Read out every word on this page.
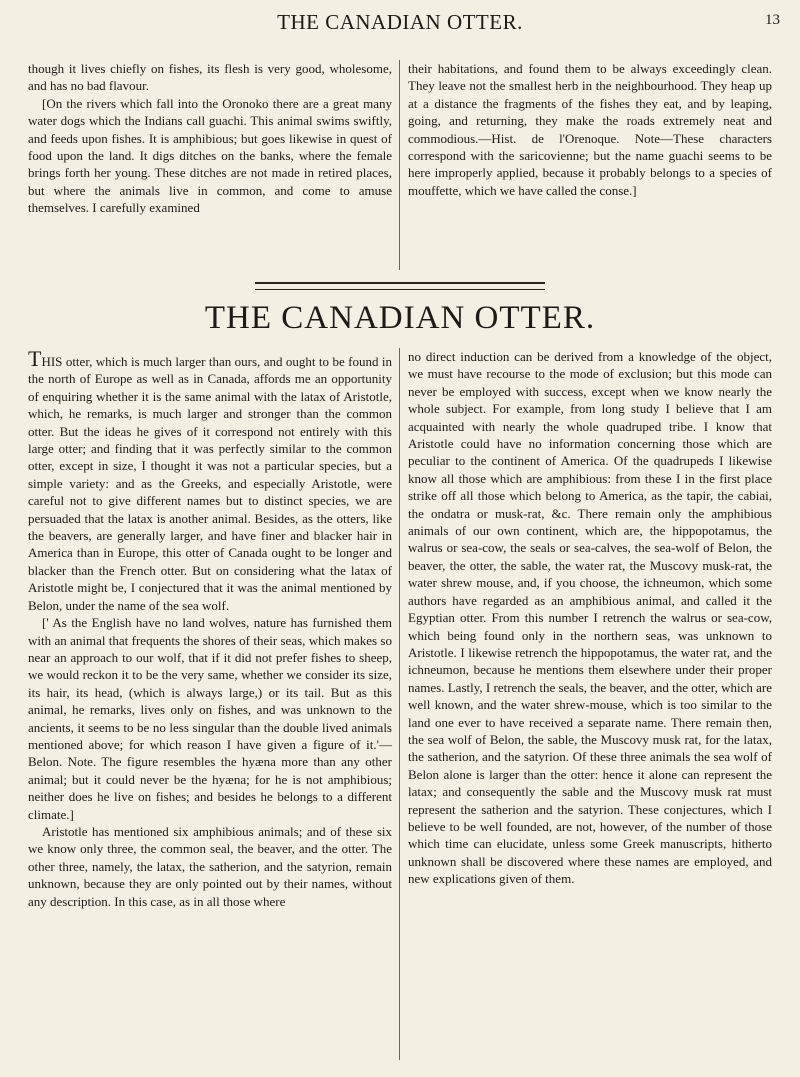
THE CANADIAN OTTER.	13

though it lives chiefly on fishes, its flesh is very good, wholesome, and has no bad flavour.

[On the rivers which fall into the Oronoko there are a great many water dogs which the Indians call guachi. This animal swims swiftly, and feeds upon fishes. It is amphibious; but goes likewise in quest of food upon the land. It digs ditches on the banks, where the female brings forth her young. These ditches are not made in retired places, but where the animals live in common, and come to amuse themselves. I carefully examined

their habitations, and found them to be always exceedingly clean. They leave not the smallest herb in the neighbourhood. They heap up at a distance the fragments of the fishes they eat, and by leaping, going, and returning, they make the roads extremely neat and commodious.—Hist. de l'Orenoque. Note—These characters correspond with the saricovienne; but the name guachi seems to be here improperly applied, because it probably belongs to a species of mouffette, which we have called the conse.]

THE CANADIAN OTTER.

THIS otter, which is much larger than ours, and ought to be found in the north of Europe as well as in Canada, affords me an opportunity of enquiring whether it is the same animal with the latax of Aristotle, which, he remarks, is much larger and stronger than the common otter. But the ideas he gives of it correspond not entirely with this large otter; and finding that it was perfectly similar to the common otter, except in size, I thought it was not a particular species, but a simple variety: and as the Greeks, and especially Aristotle, were careful not to give different names but to distinct species, we are persuaded that the latax is another animal. Besides, as the otters, like the beavers, are generally larger, and have finer and blacker hair in America than in Europe, this otter of Canada ought to be longer and blacker than the French otter. But on considering what the latax of Aristotle might be, I conjectured that it was the animal mentioned by Belon, under the name of the sea wolf.

[' As the English have no land wolves, nature has furnished them with an animal that frequents the shores of their seas, which makes so near an approach to our wolf, that if it did not prefer fishes to sheep, we would reckon it to be the very same, whether we consider its size, its hair, its head, (which is always large,) or its tail. But as this animal, he remarks, lives only on fishes, and was unknown to the ancients, it seems to be no less singular than the double lived animals mentioned above; for which reason I have given a figure of it.'—Belon. Note. The figure resembles the hyæna more than any other animal; but it could never be the hyæna; for he is not amphibious; neither does he live on fishes; and besides he belongs to a different climate.]

Aristotle has mentioned six amphibious animals; and of these six we know only three, the common seal, the beaver, and the otter. The other three, namely, the latax, the satherion, and the satyrion, remain unknown, because they are only pointed out by their names, without any description. In this case, as in all those where

no direct induction can be derived from a knowledge of the object, we must have recourse to the mode of exclusion; but this mode can never be employed with success, except when we know nearly the whole subject. For example, from long study I believe that I am acquainted with nearly the whole quadruped tribe. I know that Aristotle could have no information concerning those which are peculiar to the continent of America. Of the quadrupeds I likewise know all those which are amphibious: from these I in the first place strike off all those which belong to America, as the tapir, the cabiai, the ondatra or musk-rat, &c. There remain only the amphibious animals of our own continent, which are, the hippopotamus, the walrus or sea-cow, the seals or sea-calves, the sea-wolf of Belon, the beaver, the otter, the sable, the water rat, the Muscovy musk-rat, the water shrew mouse, and, if you choose, the ichneumon, which some authors have regarded as an amphibious animal, and called it the Egyptian otter. From this number I retrench the walrus or sea-cow, which being found only in the northern seas, was unknown to Aristotle. I likewise retrench the hippopotamus, the water rat, and the ichneumon, because he mentions them elsewhere under their proper names. Lastly, I retrench the seals, the beaver, and the otter, which are well known, and the water shrew-mouse, which is too similar to the land one ever to have received a separate name. There remain then, the sea wolf of Belon, the sable, the Muscovy musk rat, for the latax, the satherion, and the satyrion. Of these three animals the sea wolf of Belon alone is larger than the otter: hence it alone can represent the latax; and consequently the sable and the Muscovy musk rat must represent the satherion and the satyrion. These conjectures, which I believe to be well founded, are not, however, of the number of those which time can elucidate, unless some Greek manuscripts, hitherto unknown shall be discovered where these names are employed, and new explications given of them.
